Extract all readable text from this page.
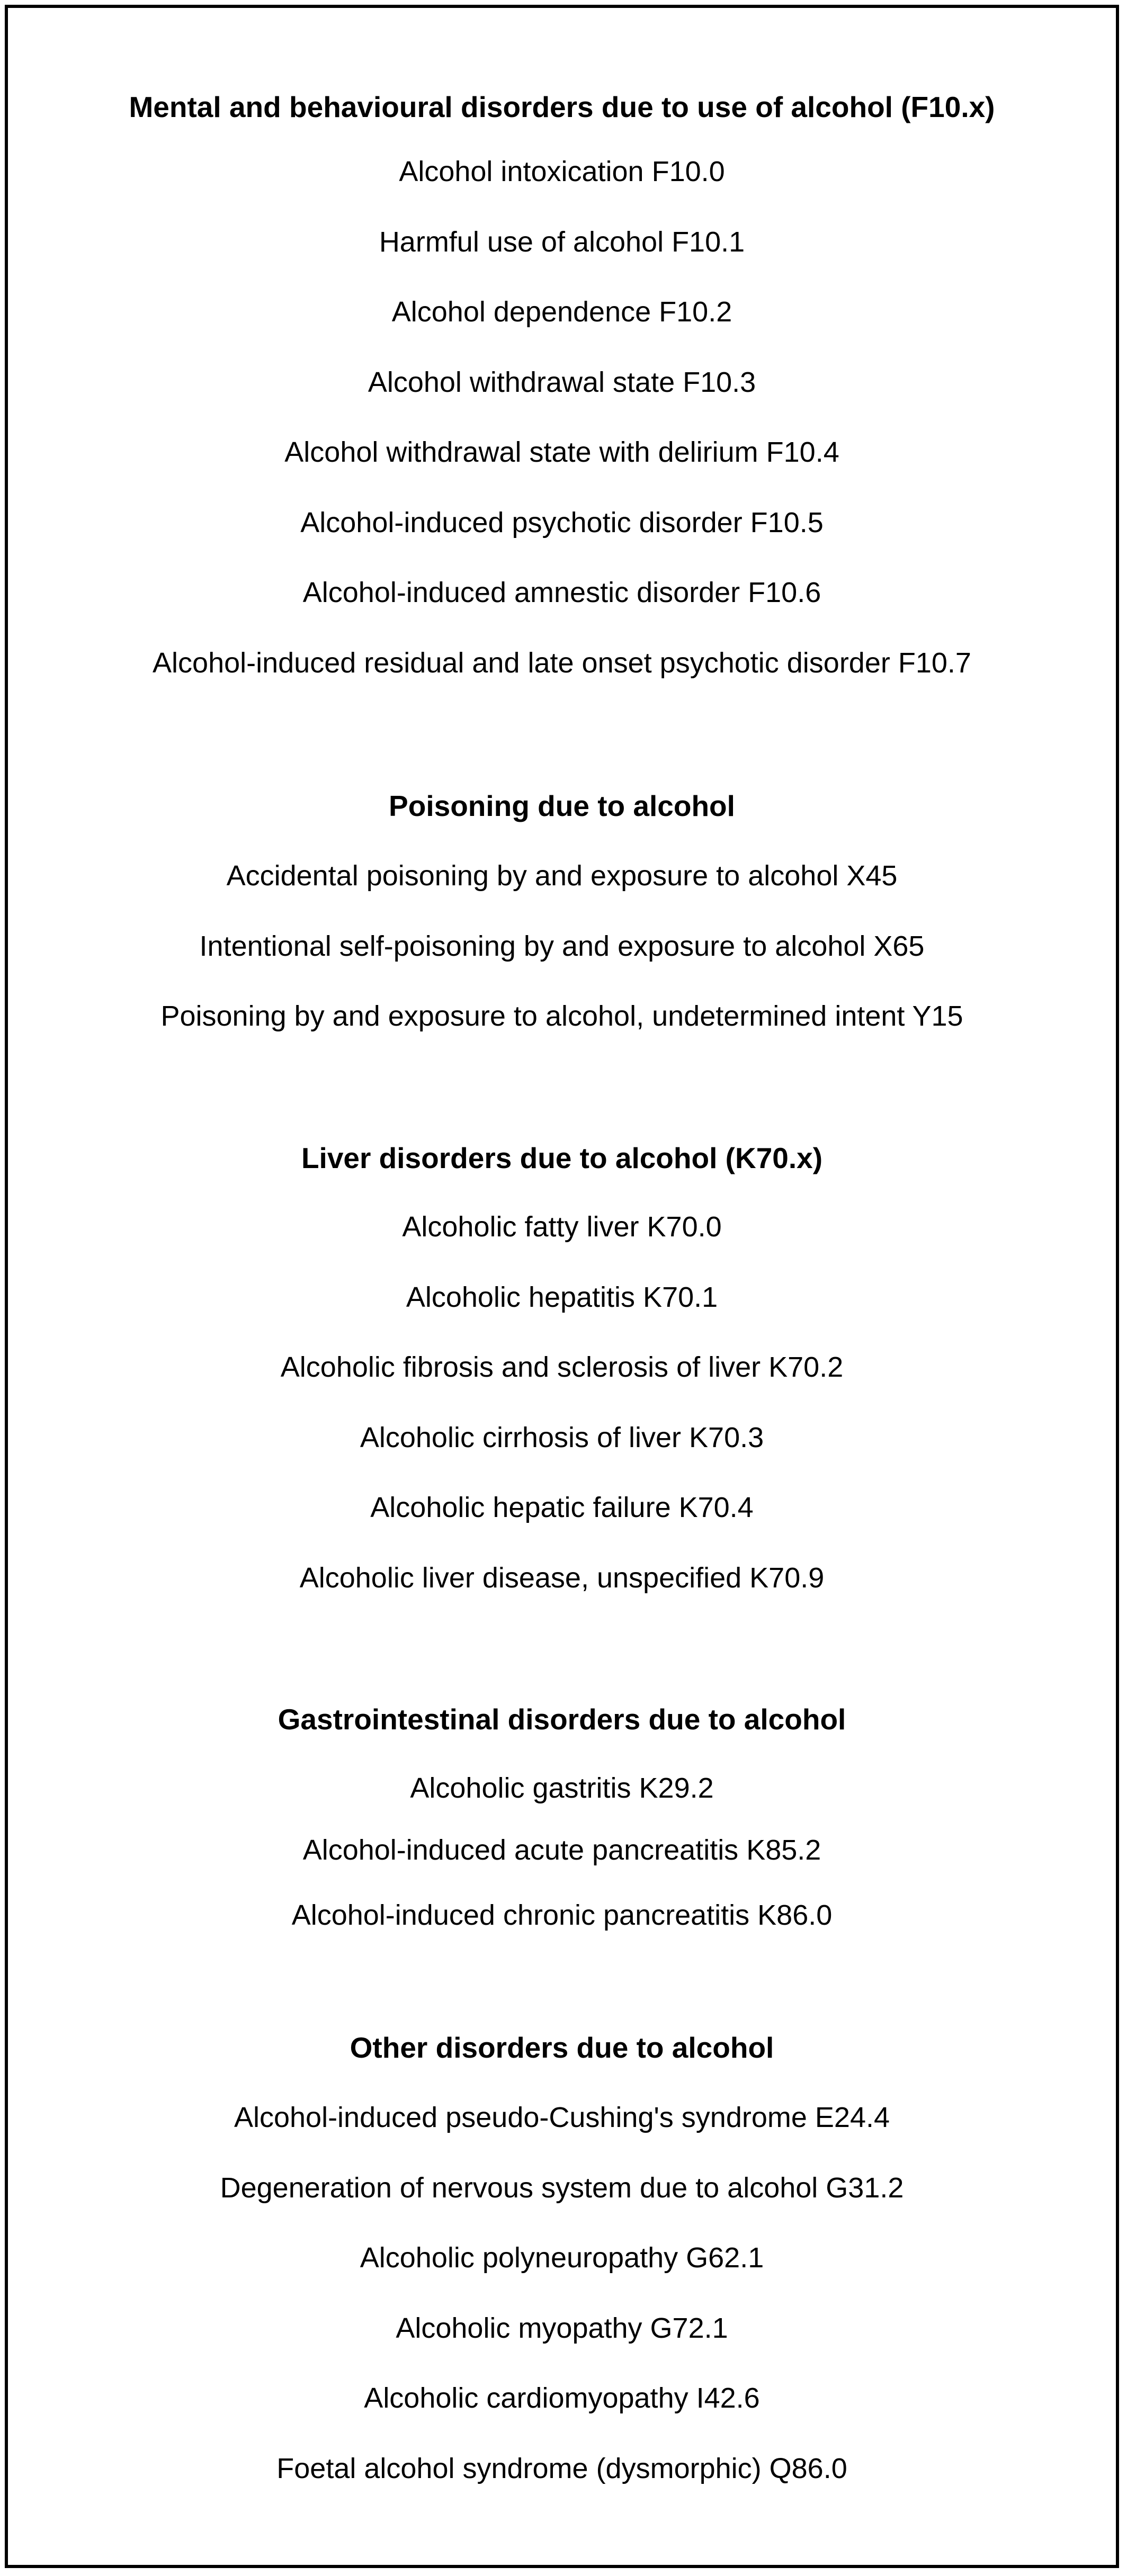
Mental and behavioural disorders due to use of alcohol (F10.x)

Alcohol intoxication F10.0

Harmful use of alcohol F10.1

Alcohol dependence F10.2

Alcohol withdrawal state F10.3

Alcohol withdrawal state with delirium F10.4

Alcohol-induced psychotic disorder F10.5

Alcohol-induced amnestic disorder F10.6

Alcohol-induced residual and late onset psychotic disorder F10.7

Poisoning due to alcohol

Accidental poisoning by and exposure to alcohol X45

Intentional self-poisoning by and exposure to alcohol X65

Poisoning by and exposure to alcohol, undetermined intent Y15

Liver disorders due to alcohol (K70.x)

Alcoholic fatty liver K70.0

Alcoholic hepatitis K70.1

Alcoholic fibrosis and sclerosis of liver K70.2

Alcoholic cirrhosis of liver K70.3

Alcoholic hepatic failure K70.4

Alcoholic liver disease, unspecified K70.9

Gastrointestinal disorders due to alcohol

Alcoholic gastritis K29.2

Alcohol-induced acute pancreatitis K85.2

Alcohol-induced chronic pancreatitis K86.0

Other disorders due to alcohol

Alcohol-induced pseudo-Cushing's syndrome E24.4

Degeneration of nervous system due to alcohol G31.2

Alcoholic polyneuropathy G62.1

Alcoholic myopathy G72.1

Alcoholic cardiomyopathy I42.6

Foetal alcohol syndrome (dysmorphic) Q86.0
